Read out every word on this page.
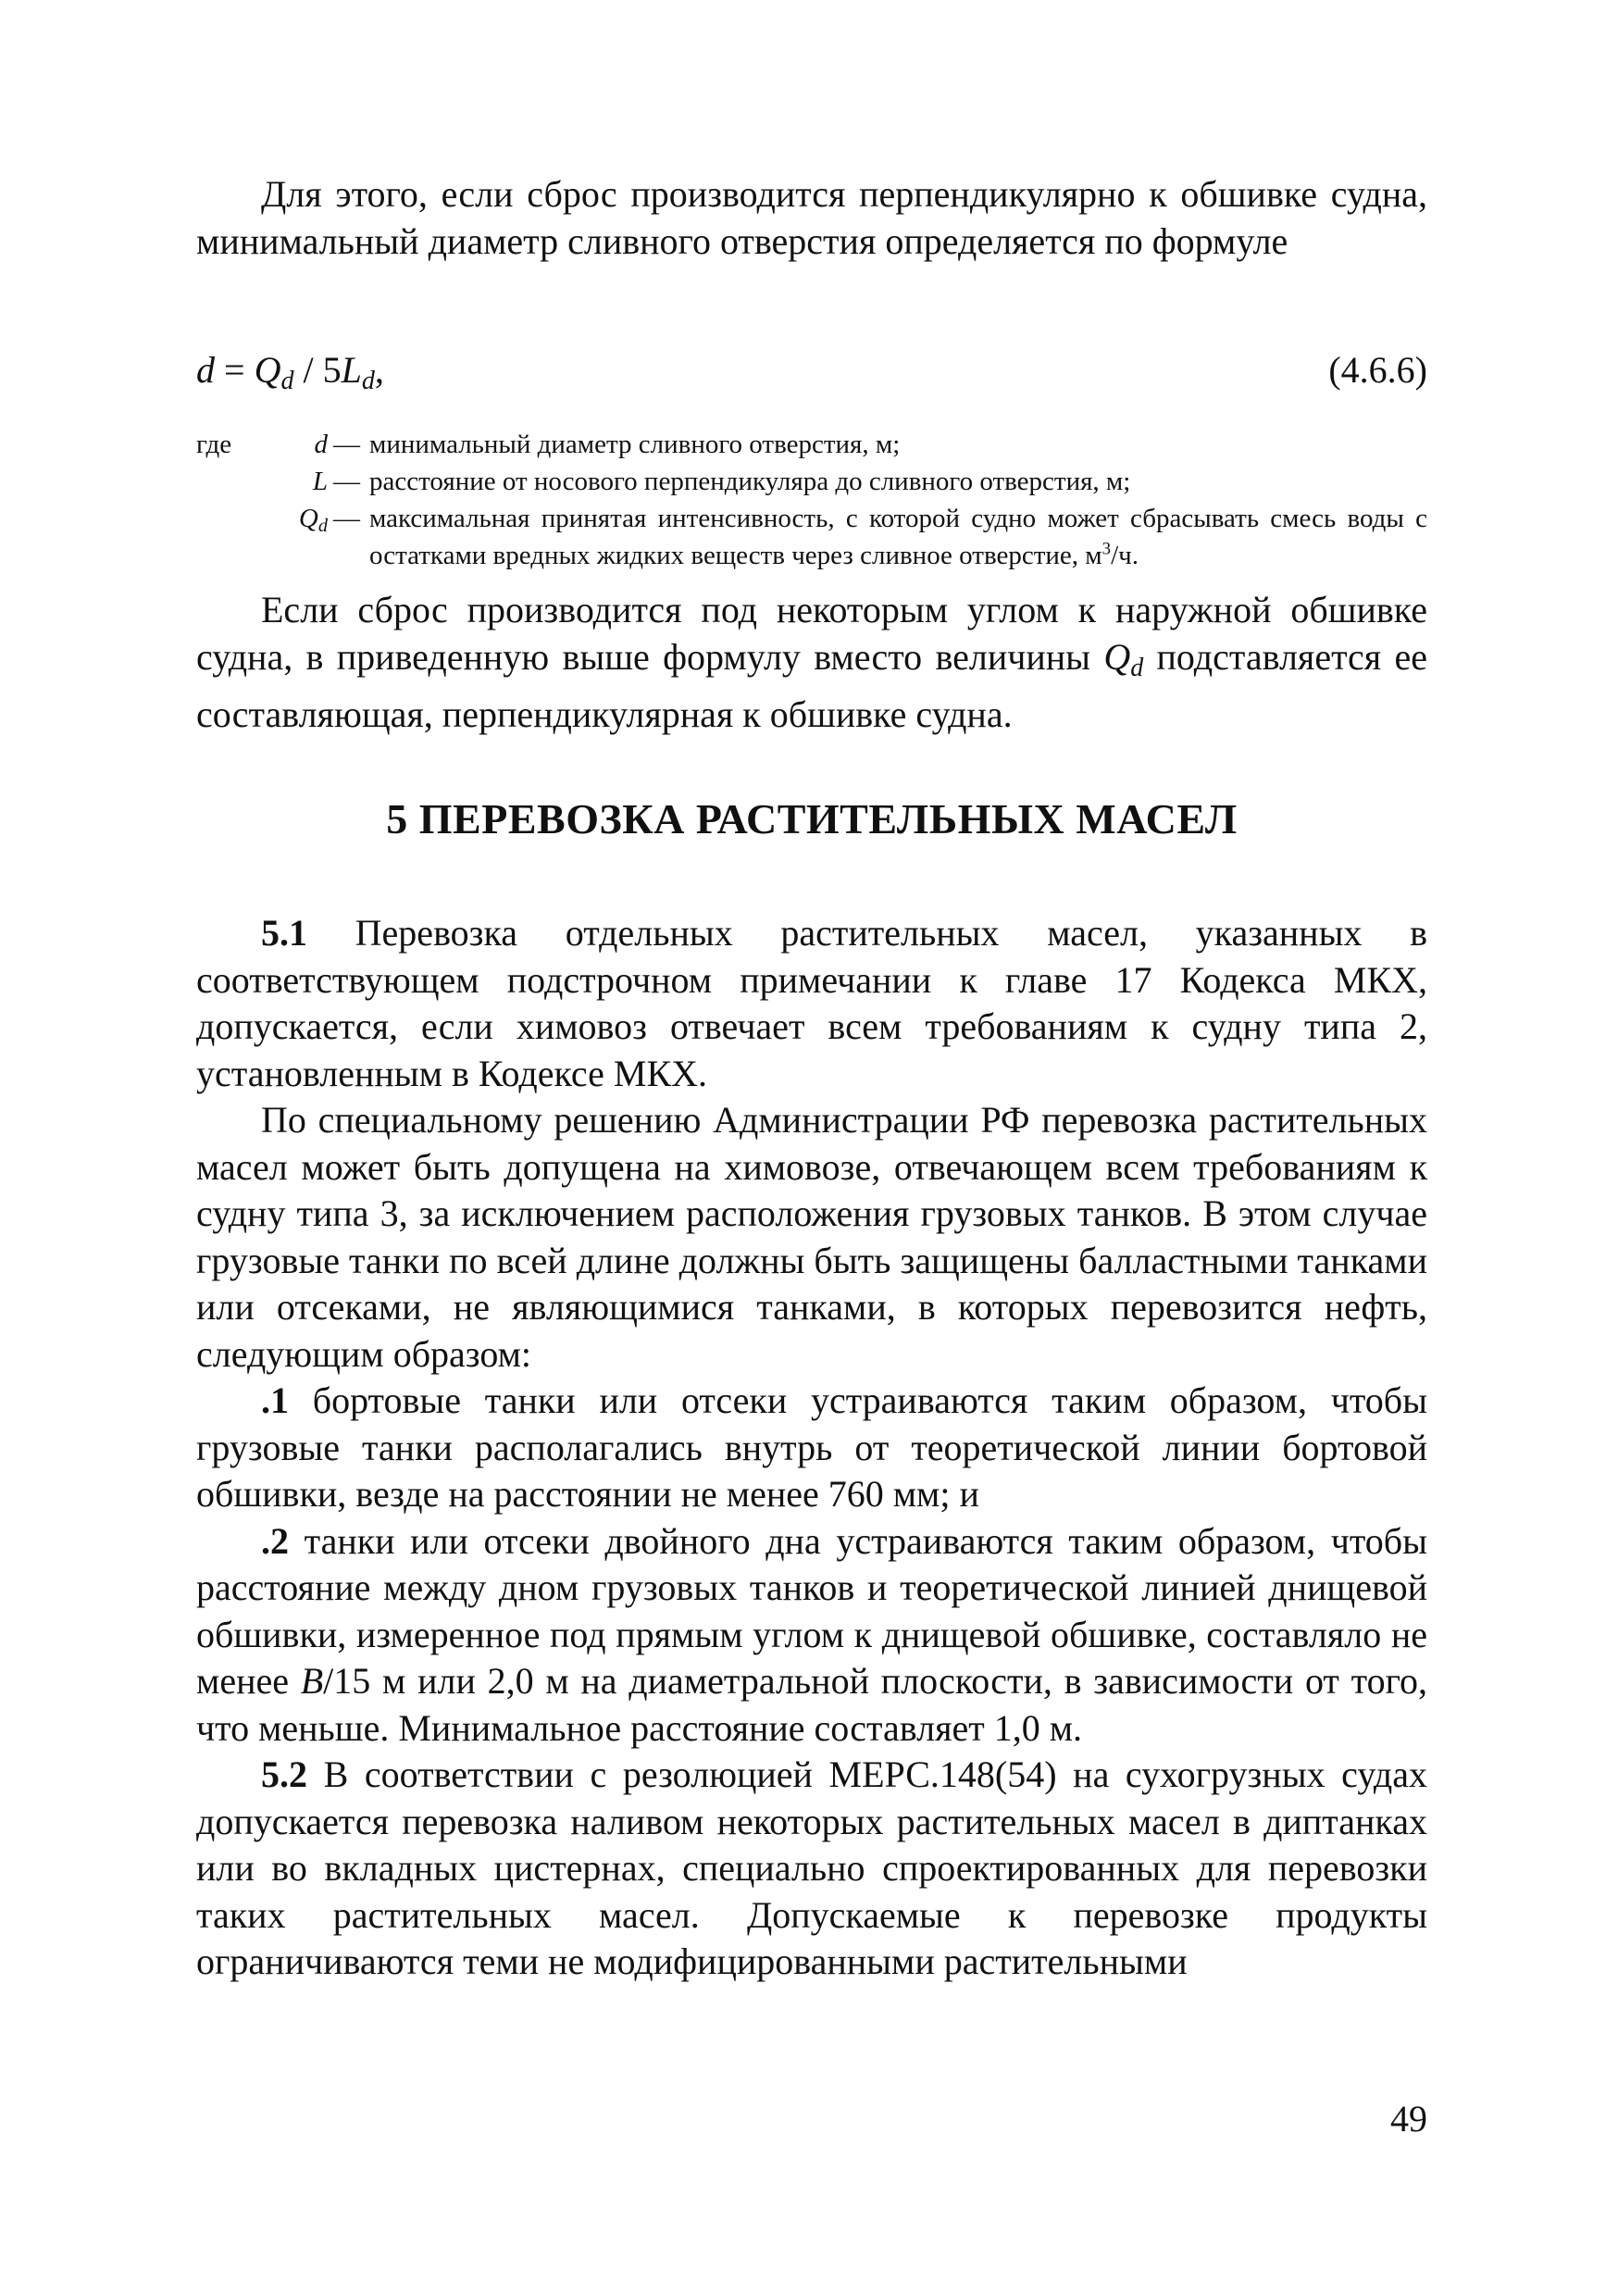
Для этого, если сброс производится перпендикулярно к обшивке судна, минимальный диаметр сливного отверстия определяется по формуле

$d = Q_d / 5L_d$,	(4.6.6)
где	d — минимальный диаметр сливного отверстия, м;
L — расстояние от носового перпендикуляра до сливного отверстия, м;
$Q_d$ — максимальная принятая интенсивность, с которой судно может сбрасывать смесь воды с остатками вредных жидких веществ через сливное отверстие, $м^3/ч$.

Если сброс производится под некоторым углом к наружной обшивке судна, в приведенную выше формулу вместо величины $Q_d$ подставляется ее составляющая, перпендикулярная к обшивке судна.

5 ПЕРЕВОЗКА РАСТИТЕЛЬНЫХ МАСЕЛ

5.1 Перевозка отдельных растительных масел, указанных в соответствующем подстрочном примечании к главе 17 Кодекса МКХ, допускается, если химовоз отвечает всем требованиям к судну типа 2, установленным в Кодексе МКХ.

По специальному решению Администрации РФ перевозка растительных масел может быть допущена на химовозе, отвечающем всем требованиям к судну типа 3, за исключением расположения грузовых танков. В этом случае грузовые танки по всей длине должны быть защищены балластными танками или отсеками, не являющимися танками, в которых перевозится нефть, следующим образом:

.1 бортовые танки или отсеки устраиваются таким образом, чтобы грузовые танки располагались внутрь от теоретической линии бортовой обшивки, везде на расстоянии не менее 760 мм; и

.2 танки или отсеки двойного дна устраиваются таким образом, чтобы расстояние между дном грузовых танков и теоретической линией днищевой обшивки, измеренное под прямым углом к днищевой обшивке, составляло не менее B/15 м или 2,0 м на диаметральной плоскости, в зависимости от того, что меньше. Минимальное расстояние составляет 1,0 м.

5.2 В соответствии с резолюцией МЕРС.148(54) на сухогрузных судах допускается перевозка наливом некоторых растительных масел в диптанках или во вкладных цистернах, специально спроектированных для перевозки таких растительных масел. Допускаемые к перевозке продукты ограничиваются теми не модифицированными растительными

49
